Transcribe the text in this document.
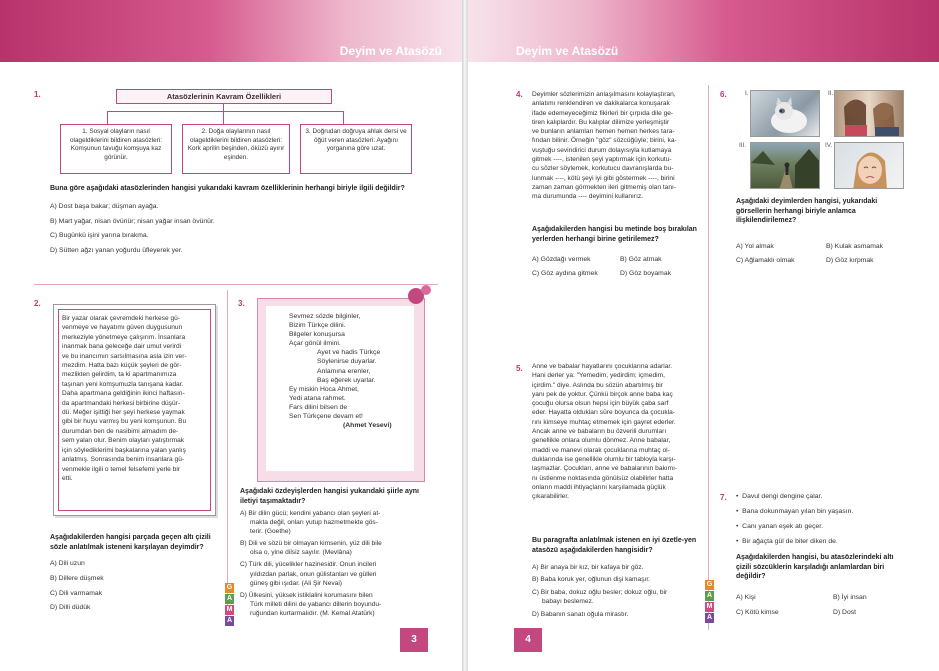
Deyim ve Atasözü
1.	Atasözlerinin Kavram Özellikleri
1. Sosyal olayların nasıl olageldiklerini bildiren atasözleri: Komşunun tavuğu komşuya kaz görünür.
2. Doğa olaylarının nasıl olageldiklerini bildiren atasözleri: Kork aprilin beşinden, öküzü ayırır eşinden.
3. Doğrudan doğruya ahlak dersi ve öğüt veren atasözleri: Ayağını yorganına göre uzat.
Buna göre aşağıdaki atasözlerinden hangisi yukarıdaki kavram özelliklerinin herhangi biriyle ilgili değildir?
A) Dost başa bakar; düşman ayağa.
B) Mart yağar, nisan övünür; nisan yağar insan övünür.
C) Bugünkü işini yarına bırakma.
D) Sütten ağzı yanan yoğurdu üfleyerek yer.
2.
Bir yazar olarak çevremdeki herkese gü-
venmeye ve hayatımı güven duygusunun
merkeziyle yönetmeye çalışırım. İnsanlara
inanmak bana geleceğe dair umut verirdi
ve bu inancımın sarsılmasına asla izin ver-
mezdim. Hatta bazı küçük şeyleri de gör-
mezlikten gelirdim, ta ki apartmanımıza
taşınan yeni komşumuzla tanışana kadar.
Daha apartmana geldiğinin ikinci haftasın-
da apartmandaki herkesi birbirine düşür-
dü. Meğer işittiği her şeyi herkese yaymak
gibi bir huyu varmış bu yeni komşunun. Bu
durumdan ben de nasibimi almadım de-
sem yalan olur. Benim olayları yatıştırmak
için söylediklerimi başkalarına yalan yanlış
anlatmış. Sonrasında benim insanlara gü-
venmekle ilgili o temel felsefemi yerle bir
etti.
Aşağıdakilerden hangisi parçada geçen altı çizili sözle anlatılmak isteneni karşılayan deyimdir?
A) Dili uzun
B) Dillere düşmek
C) Dili varmamak
D) Dilli düdük
3.
Sevmez sözde bilginler,
Bizim Türkçe dilini.
Bilgeler konuşursa
Açar gönül ilmini.
Ayet ve hadis Türkçe
Söylenirse duyarlar.
Anlamına erenler,
Baş eğerek uyarlar.
Ey miskin Hoca Ahmet,
Yedi atana rahmet.
Fars dilini bilsen de
Sen Türkçene devam et!
(Ahmet Yesevi)
Aşağıdaki özdeyişlerden hangisi yukarıdaki şiirle aynı iletiyi taşımaktadır?
A) Bir dilin gücü; kendini yabancı olan şeyleri at-
makta değil, onları yutup hazmetmekte gös-
terir. (Goethe)
B) Dili ve sözü bir olmayan kimsenin, yüz dili bile
olsa o, yine dilsiz sayılır. (Mevlâna)
C) Türk dili, yücelikler hazinesidir. Onun incileri
yıldızdan parlak, onun gülistanları ve gülleri
güneş gibi ışıdar. (Ali Şir Nevai)
D) Ülkesini, yüksek istiklalini korumasını bilen
Türk milleti dilini de yabancı dillerin boyundu-
ruğundan kurtarmalıdır. (M. Kemal Atatürk)
G
A
M
A
3
Deyim ve Atasözü
4. Deyimler sözlerimizin anlaşılmasını kolaylaştıran,
anlatımı renklendiren ve dakikalarca konuşarak
ifade edemeyeceğimiz fikirleri bir çırpıda dile ge-
tiren kalıplardır. Bu kalıplar dilimize yerleşmiştir
ve bunların anlamları hemen hemen herkes tara-
fından bilinir. Örneğin "göz" sözcüğüyle; birini, ka-
vuştuğu sevindirici durum dolayısıyla kutlamaya
gitmek ----, istenilen şeyi yaptırmak için korkutu-
cu sözler söylemek, korkutucu davranışlarda bu-
lunmak ----, kötü şeyi iyi gibi göstermek ----, birini
zaman zaman görmekten ileri gitmemiş olan tanı-
ma durumunda ---- deyimini kullanırız.
Aşağıdakilerden hangisi bu metinde boş bırakılan yerlerden herhangi birine getirilemez?
A) Gözdağı vermek	B) Göz atmak
C) Göz aydına gitmek	D) Göz boyamak
5. Anne ve babalar hayatlarını çocuklarına adarlar.
Hani derler ya: "Yemedim, yedirdim; içmedim,
içirdim." diye. Aslında bu sözün abartılmış bir
yanı pek de yoktur. Çünkü birçok anne baba kaç
çocuğu olursa olsun hepsi için büyük çaba sarf
eder. Hayatta oldukları süre boyunca da çocukla-
rını kimseye muhtaç etmemek için gayret ederler.
Ancak anne ve babaların bu özverili durumları
genellikle onlara olumlu dönmez. Anne babalar,
maddi ve manevi olarak çocuklarına muhtaç ol-
duklarında ise genellikle olumlu bir tabloyla karşı-
laşmazlar. Çocukları, anne ve babalarının bakımı-
nı üstlenme noktasında gönülsüz olabilirler hatta
onların maddi ihtiyaçlarını karşılamada güçlük
çıkarabilirler.
Bu paragrafta anlatılmak istenen en iyi özetle-yen atasözü aşağıdakilerden hangisidir?
A) Bir anaya bir kız, bir kafaya bir göz.
B) Baba koruk yer, oğlunun dişi kamaşır.
C) Bir baba, dokuz oğlu besler; dokuz oğlu, bir
babayı beslemez.
D) Babanın sanatı oğula mirastır.
G
A
M
A
4
6.	I.	II.
III.	IV.
Aşağıdaki deyimlerden hangisi, yukarıdaki görsellerin herhangi biriyle anlamca ilişkilendirilemez?
A) Yol almak	B) Kulak asmamak
C) Ağlamaklı olmak	D) Göz kırpmak
7. •  Davul dengi dengine çalar.
•  Bana dokunmayan yılan bin yaşasın.
•  Canı yanan eşek atı geçer.
•  Bir ağaçta gül de biter diken de.
Aşağıdakilerden hangisi, bu atasözlerindeki altı çizili sözcüklerin karşıladığı anlamlardan biri değildir?
A) Kişi	B) İyi insan
C) Kötü kimse	D) Dost
